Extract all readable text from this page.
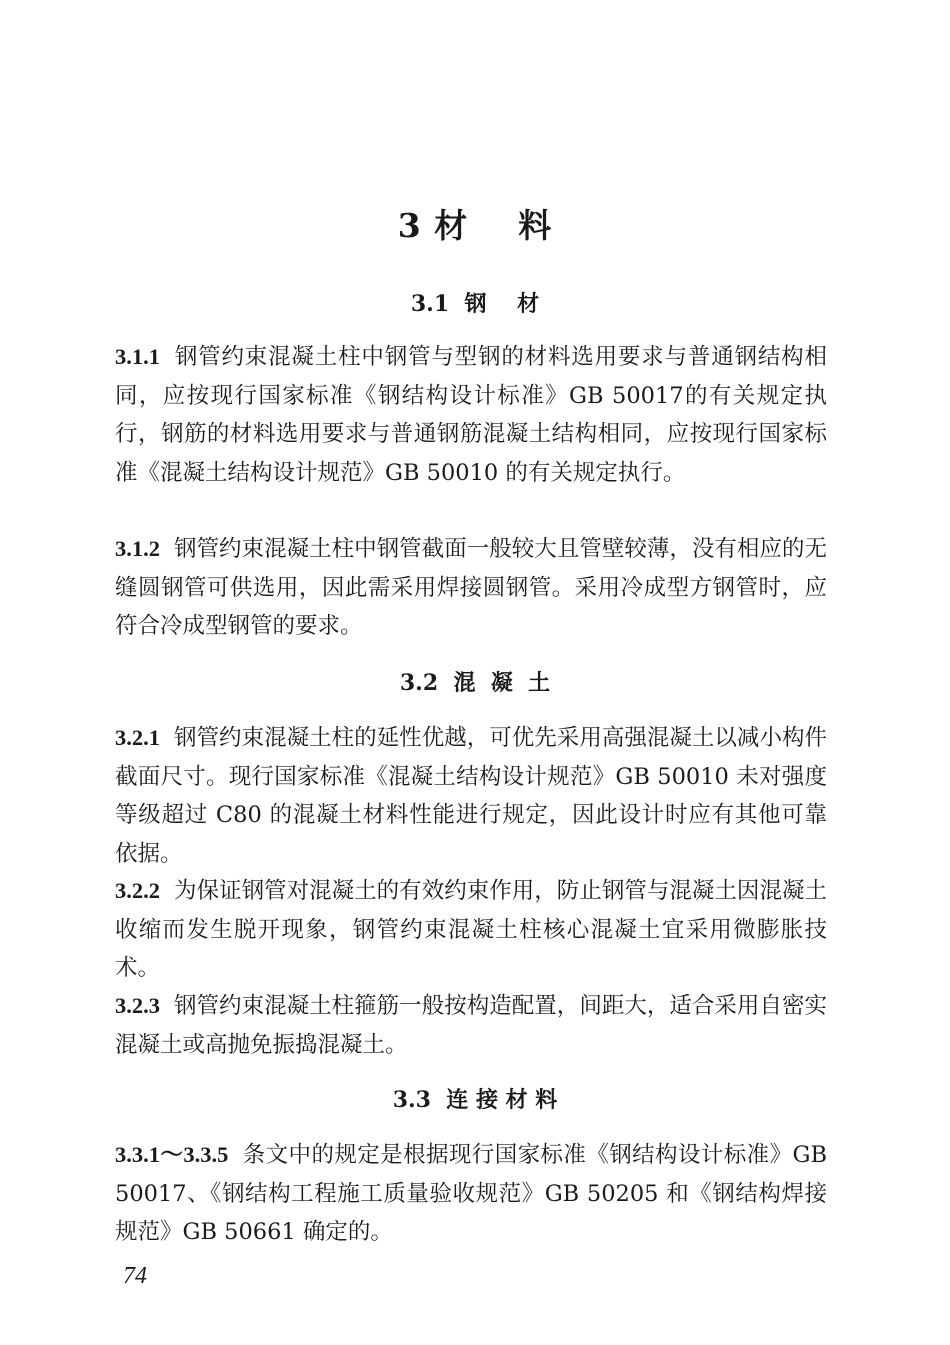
3 材    料
3.1  钢    材

3.1.1 钢管约束混凝土柱中钢管与型钢的材料选用要求与普通钢结构相同，应按现行国家标准《钢结构设计标准》GB 50017的有关规定执行，钢筋的材料选用要求与普通钢筋混凝土结构相同，应按现行国家标准《混凝土结构设计规范》GB 50010 的有关规定执行。

3.1.2 钢管约束混凝土柱中钢管截面一般较大且管壁较薄，没有相应的无缝圆钢管可供选用，因此需采用焊接圆钢管。采用冷成型方钢管时，应符合冷成型钢管的要求。

3.2  混  凝  土

3.2.1 钢管约束混凝土柱的延性优越，可优先采用高强混凝土以减小构件截面尺寸。现行国家标准《混凝土结构设计规范》GB 50010 未对强度等级超过 C80 的混凝土材料性能进行规定，因此设计时应有其他可靠依据。

3.2.2 为保证钢管对混凝土的有效约束作用，防止钢管与混凝土因混凝土收缩而发生脱开现象，钢管约束混凝土柱核心混凝土宜采用微膨胀技术。

3.2.3 钢管约束混凝土柱箍筋一般按构造配置，间距大，适合采用自密实混凝土或高抛免振捣混凝土。

3.3  连 接 材 料

3.3.1～3.3.5 条文中的规定是根据现行国家标准《钢结构设计标准》GB 50017、《钢结构工程施工质量验收规范》GB 50205 和《钢结构焊接规范》GB 50661 确定的。

74
